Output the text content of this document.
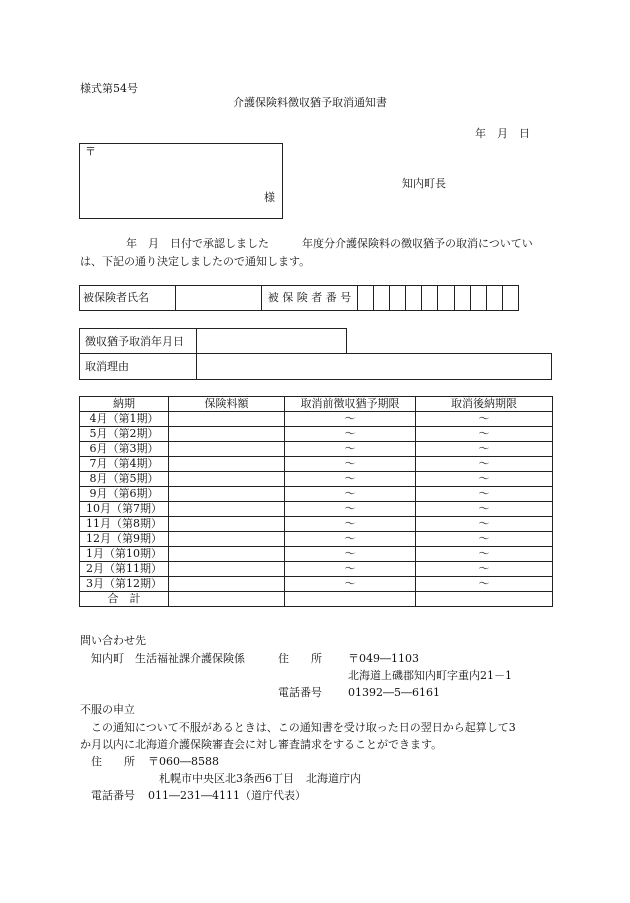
様式第54号
介護保険料徴収猶予取消通知書
年　月　日
〒
様
知内町長
年　月　日付で承認しました　　　年度分介護保険料の徴収猶予の取消についてい
は、下記の通り決定しましたので通知します。
被保険者氏名		被 保 険 者 番 号										
徴収猶予取消年月日
取消理由
納期	保険料額	取消前徴収猶予期限	取消後納期限
4月（第1期）		～	～
5月（第2期）		～	～
6月（第3期）		～	～
7月（第4期）		～	～
8月（第5期）		～	～
9月（第6期）		～	～
10月（第7期）		～	～
11月（第8期）		～	～
12月（第9期）		～	～
1月（第10期）		～	～
2月（第11期）		～	～
3月（第12期）		～	～
合　計			
問い合わせ先
知内町　生活福祉課介護保険係	住　　所 〒049―1103
北海道上磯郡知内町字重内21－1
電話番号 01392―5―6161
不服の申立
この通知について不服があるときは、この通知書を受け取った日の翌日から起算して3
か月以内に北海道介護保険審査会に対し審査請求をすることができます。
住　　所 〒060―8588
札幌市中央区北3条西6丁目 北海道庁内
電話番号 011―231―4111（道庁代表）
